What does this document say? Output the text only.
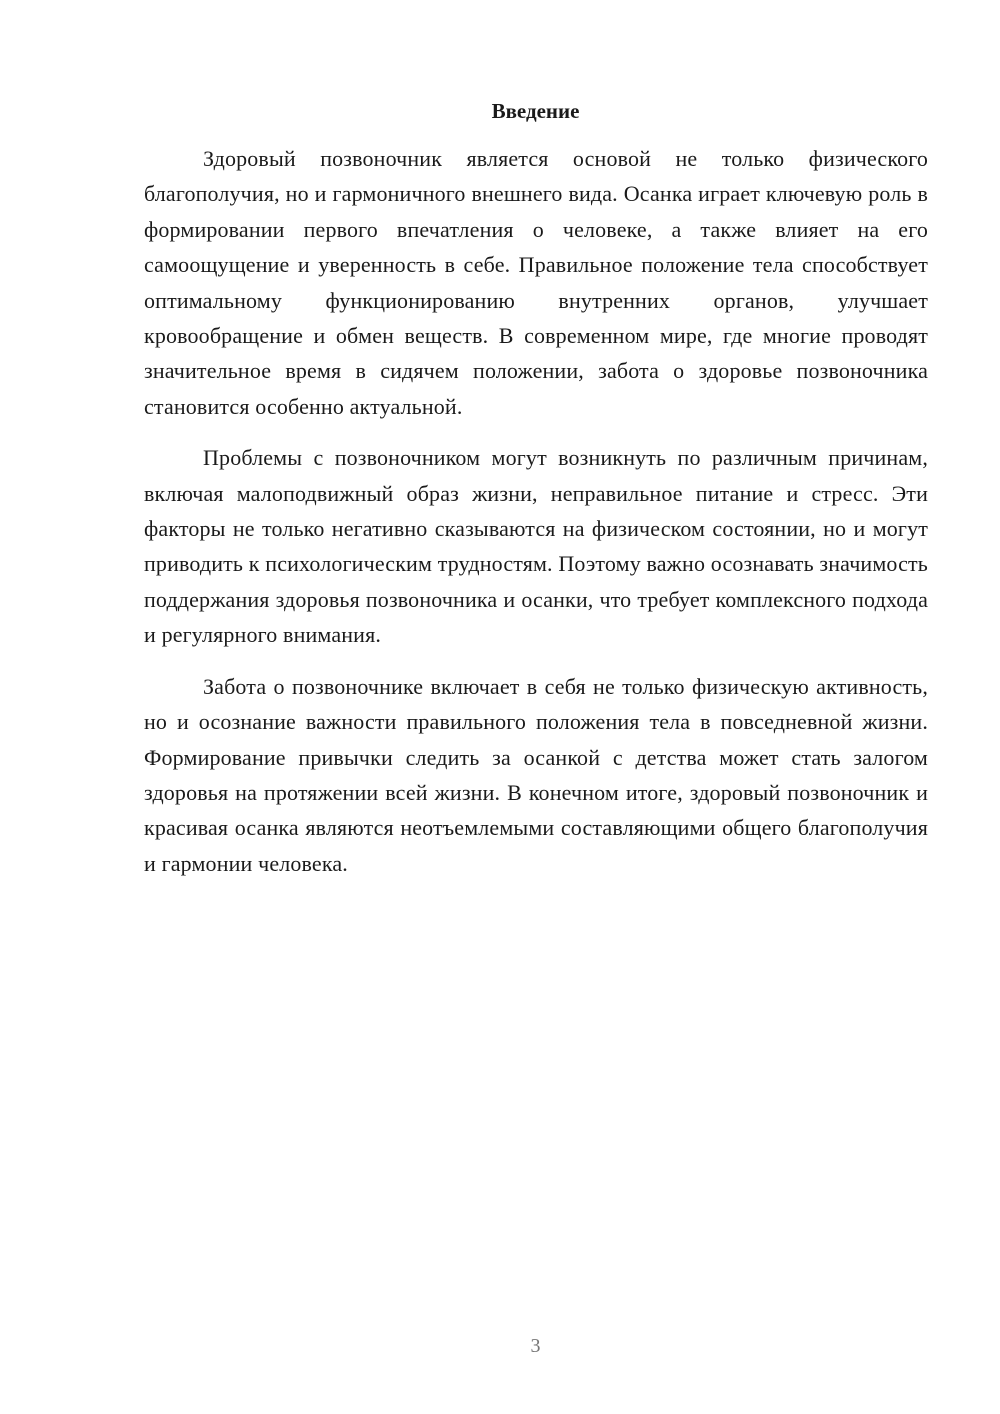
Введение

Здоровый позвоночник является основой не только физического благополучия, но и гармоничного внешнего вида. Осанка играет ключевую роль в формировании первого впечатления о человеке, а также влияет на его самоощущение и уверенность в себе. Правильное положение тела способствует оптимальному функционированию внутренних органов, улучшает кровообращение и обмен веществ. В современном мире, где многие проводят значительное время в сидячем положении, забота о здоровье позвоночника становится особенно актуальной.

Проблемы с позвоночником могут возникнуть по различным причинам, включая малоподвижный образ жизни, неправильное питание и стресс. Эти факторы не только негативно сказываются на физическом состоянии, но и могут приводить к психологическим трудностям. Поэтому важно осознавать значимость поддержания здоровья позвоночника и осанки, что требует комплексного подхода и регулярного внимания.

Забота о позвоночнике включает в себя не только физическую активность, но и осознание важности правильного положения тела в повседневной жизни. Формирование привычки следить за осанкой с детства может стать залогом здоровья на протяжении всей жизни. В конечном итоге, здоровый позвоночник и красивая осанка являются неотъемлемыми составляющими общего благополучия и гармонии человека.

3
